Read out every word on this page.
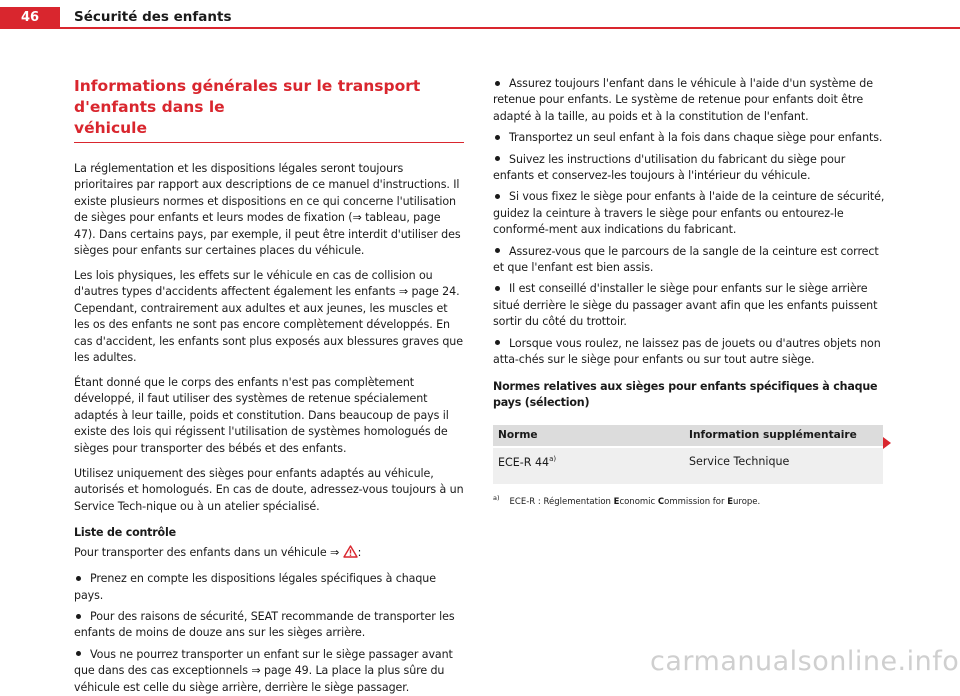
46	Sécurité des enfants
Informations générales sur le transport d'enfants dans le
véhicule

La réglementation et les dispositions légales seront toujours prioritaires par rapport aux descriptions de ce manuel d'instructions. Il existe plusieurs normes et dispositions en ce qui concerne l'utilisation de sièges pour enfants et leurs modes de fixation (⇒ tableau, page 47). Dans certains pays, par exemple, il peut être interdit d'utiliser des sièges pour enfants sur certaines places du véhicule.

Les lois physiques, les effets sur le véhicule en cas de collision ou d'autres types d'accidents affectent également les enfants ⇒ page 24. Cependant, contrairement aux adultes et aux jeunes, les muscles et les os des enfants ne sont pas encore complètement développés. En cas d'accident, les enfants sont plus exposés aux blessures graves que les adultes.

Étant donné que le corps des enfants n'est pas complètement développé, il faut utiliser des systèmes de retenue spécialement adaptés à leur taille, poids et constitution. Dans beaucoup de pays il existe des lois qui régissent l'utilisation de systèmes homologués de sièges pour transporter des bébés et des enfants.

Utilisez uniquement des sièges pour enfants adaptés au véhicule, autorisés et homologués. En cas de doute, adressez-vous toujours à un Service Tech-nique ou à un atelier spécialisé.

Liste de contrôle
Pour transporter des enfants dans un véhicule ⇒ :
Prenez en compte les dispositions légales spécifiques à chaque pays.
Pour des raisons de sécurité, SEAT recommande de transporter les enfants de moins de douze ans sur les sièges arrière.
Vous ne pourrez transporter un enfant sur le siège passager avant que dans des cas exceptionnels ⇒ page 49. La place la plus sûre du véhicule est celle du siège arrière, derrière le siège passager.
Assurez toujours l'enfant dans le véhicule à l'aide d'un système de retenue pour enfants. Le système de retenue pour enfants doit être adapté à la taille, au poids et à la constitution de l'enfant.
Transportez un seul enfant à la fois dans chaque siège pour enfants.
Suivez les instructions d'utilisation du fabricant du siège pour enfants et conservez-les toujours à l'intérieur du véhicule.
Si vous fixez le siège pour enfants à l'aide de la ceinture de sécurité, guidez la ceinture à travers le siège pour enfants ou entourez-le conformé-ment aux indications du fabricant.
Assurez-vous que le parcours de la sangle de la ceinture est correct et que l'enfant est bien assis.
Il est conseillé d'installer le siège pour enfants sur le siège arrière situé derrière le siège du passager avant afin que les enfants puissent sortir du côté du trottoir.
Lorsque vous roulez, ne laissez pas de jouets ou d'autres objets non atta-chés sur le siège pour enfants ou sur tout autre siège.
Normes relatives aux sièges pour enfants spécifiques à chaque pays (sélection)
Norme	Information supplémentaire
ECE-R 44$^{a)}$	Service Technique
$^{a)}$ ECE-R : Réglementation Economic Commission for Europe.
carmanualsonline.info
